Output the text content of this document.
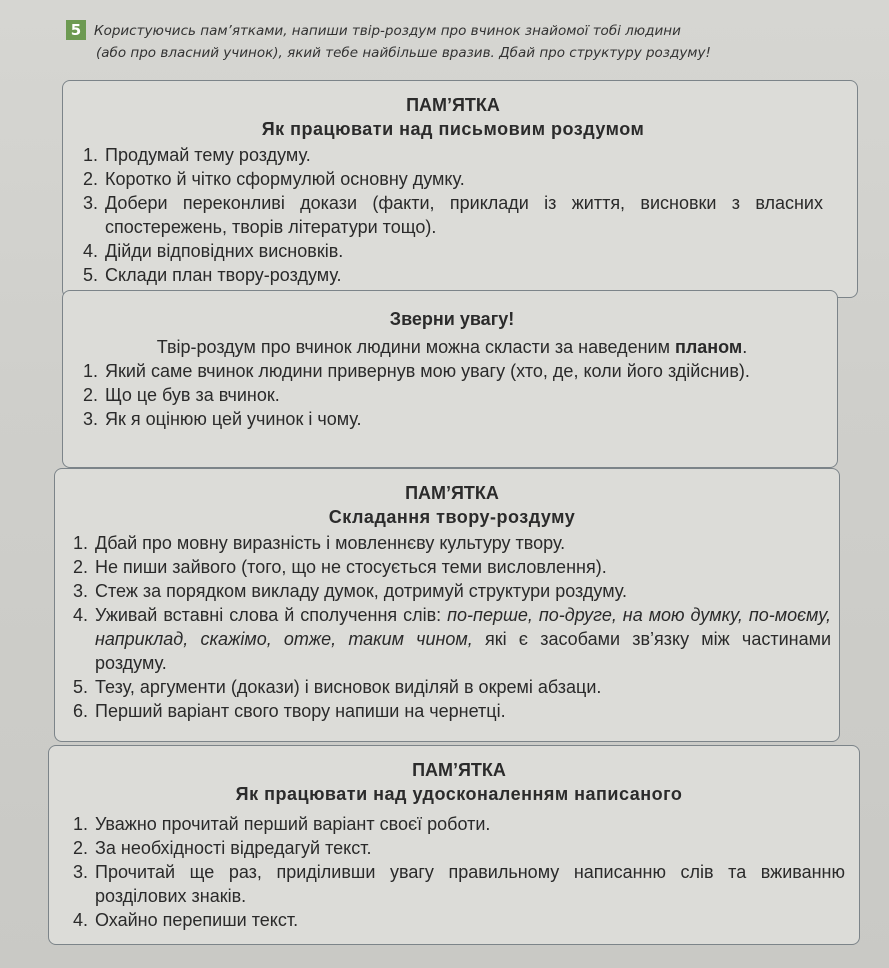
5 Користуючись пам’ятками, напиши твір-роздум про вчинок знайомої тобі людини
(або про власний учинок), який тебе найбільше вразив. Дбай про структуру роздуму!
ПАМ’ЯТКА
Як працювати над письмовим роздумом
1. Продумай тему роздуму.
2. Коротко й чітко сформулюй основну думку.
3. Добери переконливі докази (факти, приклади із життя, висновки з власних спостережень, творів літератури тощо).
4. Дійди відповідних висновків.
5. Склади план твору-роздуму.
Зверни увагу!
Твір-роздум про вчинок людини можна скласти за наведеним планом.
1. Який саме вчинок людини привернув мою увагу (хто, де, коли його здійснив).
2. Що це був за вчинок.
3. Як я оцінюю цей учинок і чому.
ПАМ’ЯТКА
Складання твору-роздуму
1. Дбай про мовну виразність і мовленнєву культуру твору.
2. Не пиши зайвого (того, що не стосується теми висловлення).
3. Стеж за порядком викладу думок, дотримуй структури роздуму.
4. Уживай вставні слова й сполучення слів: по-перше, по-друге, на мою думку, по-моєму, наприклад, скажімо, отже, таким чином, які є засобами зв’язку між частинами роздуму.
5. Тезу, аргументи (докази) і висновок виділяй в окремі абзаци.
6. Перший варіант свого твору напиши на чернетці.
ПАМ’ЯТКА
Як працювати над удосконаленням написаного
1. Уважно прочитай перший варіант своєї роботи.
2. За необхідності відредагуй текст.
3. Прочитай ще раз, приділивши увагу правильному написанню слів та вживанню розділових знаків.
4. Охайно перепиши текст.
